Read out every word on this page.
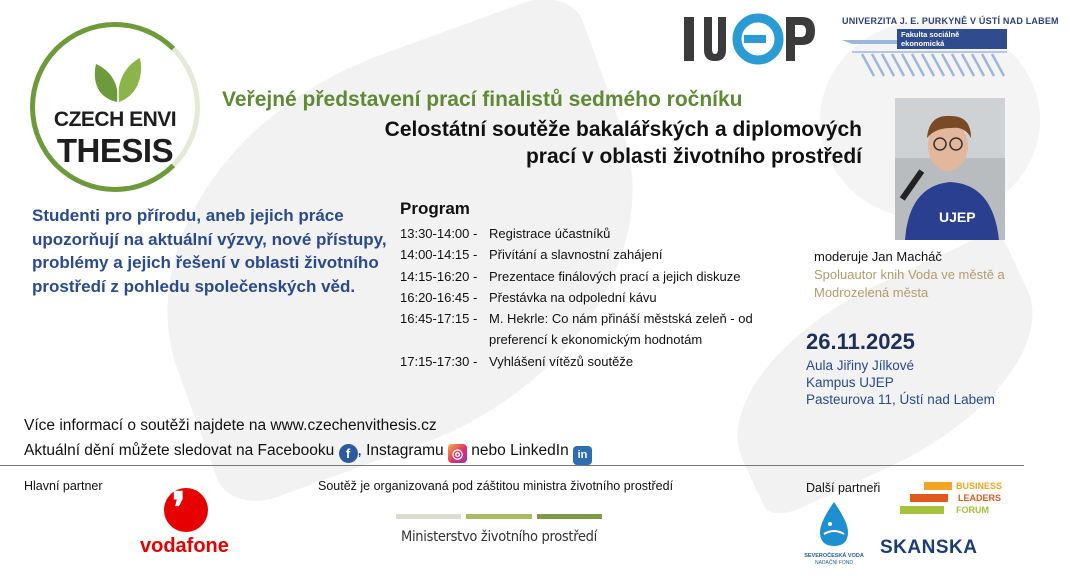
CZECH ENVI
THESIS
UNIVERZITA J. E. PURKYNĚ V ÚSTÍ NAD LABEM
Fakulta sociálně ekonomická
Veřejné představení prací finalistů sedmého ročníku
Celostátní soutěže bakalářských a diplomových
prací v oblasti životního prostředí
UJEP
Studenti pro přírodu, aneb jejich práce upozorňují na aktuální výzvy, nové přístupy, problémy a jejich řešení v oblasti životního prostředí z pohledu společenských věd.
Program
13:30-14:00 - Registrace účastníků
14:00-14:15 - Přivítání a slavnostní zahájení
14:15-16:20 - Prezentace finálových prací a jejich diskuze
16:20-16:45 - Přestávka na odpolední kávu
16:45-17:15 - M. Hekrle: Co nám přináší městská zeleň - od preferencí k ekonomickým hodnotám
17:15-17:30 - Vyhlášení vítězů soutěže
moderuje Jan Macháč
Spoluautor knih Voda ve městě a Modrozelená města
26.11.2025
Aula Jiřiny Jílkové
Kampus UJEP
Pasteurova 11, Ústí nad Labem
Více informací o soutěži najdete na www.czechenvithesis.cz
Aktuální dění můžete sledovat na Facebooku f , Instagramu ◎ nebo LinkedIn in
Hlavní partner	Soutěž je organizovaná pod záštitou ministra životního prostředí	Další partneři
❜
vodafone	Ministerstvo životního prostředí
SEVEROČESKÁ VODA
NADAČNÍ FOND
BUSINESS
LEADERS
FORUM
SKANSKA
